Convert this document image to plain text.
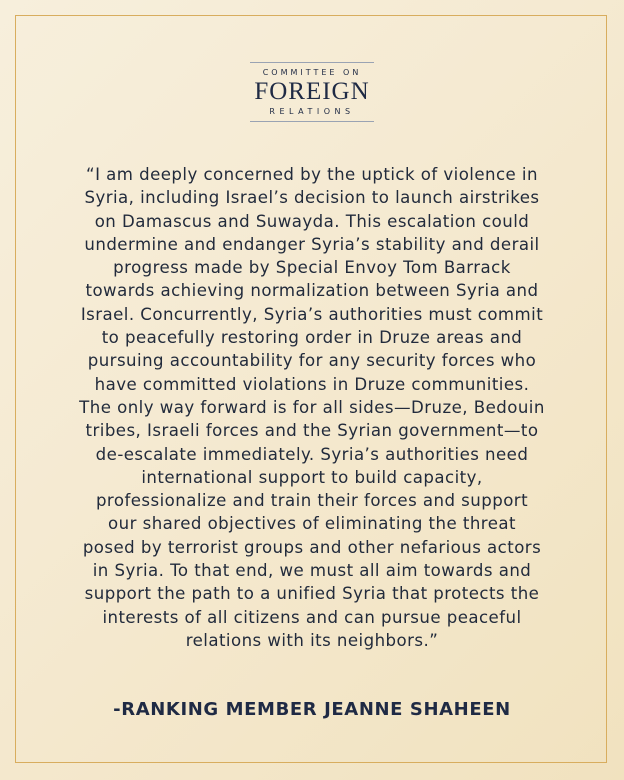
COMMITTEE ON
FOREIGN
RELATIONS
“I am deeply concerned by the uptick of violence in
Syria, including Israel’s decision to launch airstrikes
on Damascus and Suwayda. This escalation could
undermine and endanger Syria’s stability and derail
progress made by Special Envoy Tom Barrack
towards achieving normalization between Syria and
Israel. Concurrently, Syria’s authorities must commit
to peacefully restoring order in Druze areas and
pursuing accountability for any security forces who
have committed violations in Druze communities.
The only way forward is for all sides—Druze, Bedouin
tribes, Israeli forces and the Syrian government—to
de-escalate immediately. Syria’s authorities need
international support to build capacity,
professionalize and train their forces and support
our shared objectives of eliminating the threat
posed by terrorist groups and other nefarious actors
in Syria. To that end, we must all aim towards and
support the path to a unified Syria that protects the
interests of all citizens and can pursue peaceful
relations with its neighbors.”
-RANKING MEMBER JEANNE SHAHEEN
